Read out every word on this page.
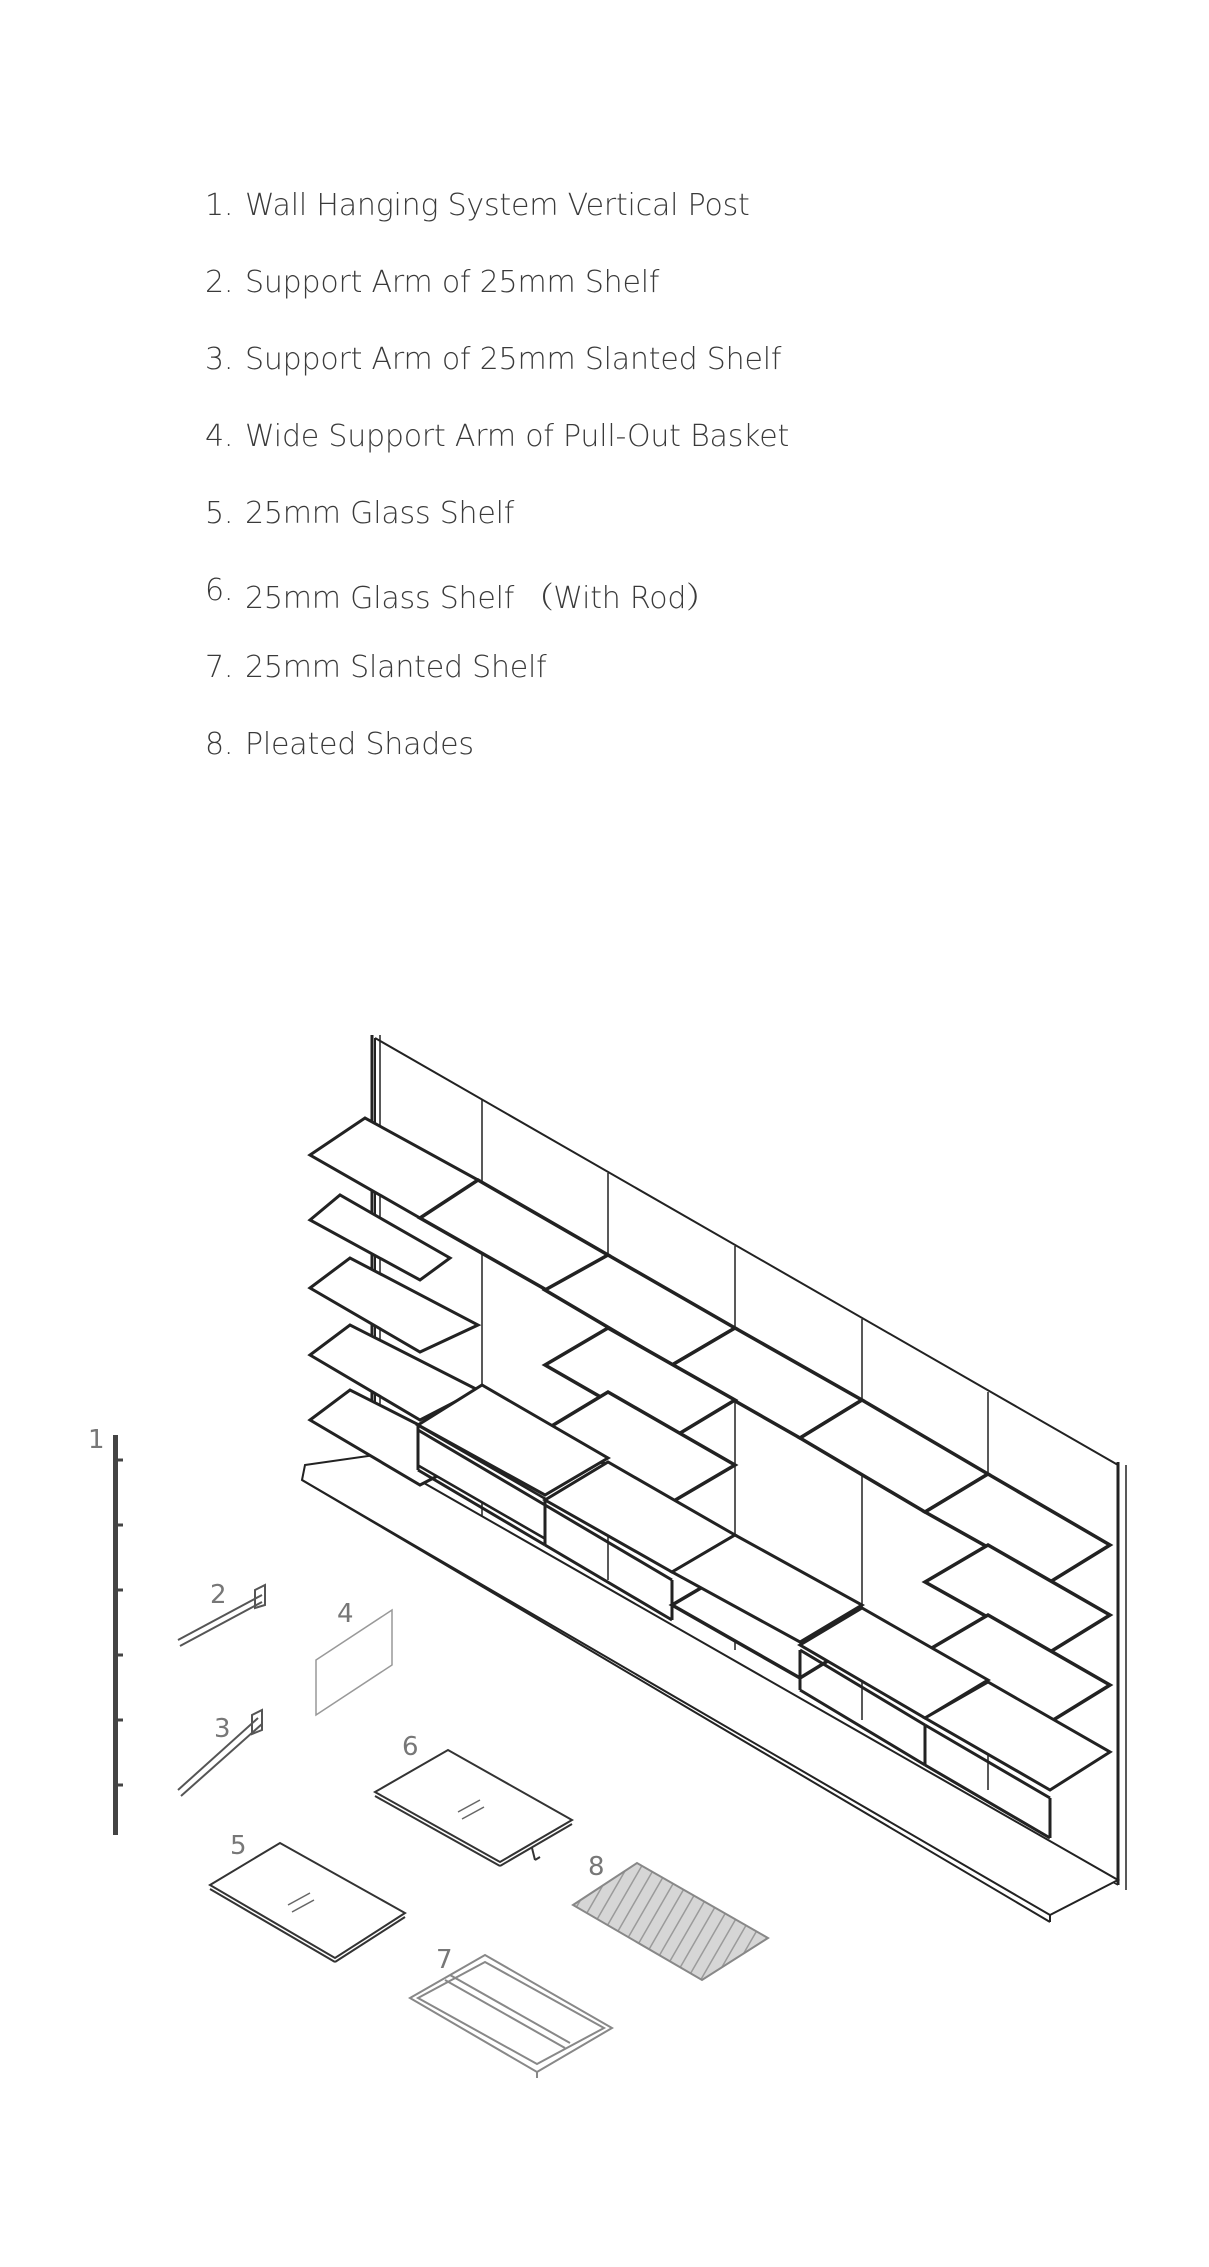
1. Wall Hanging System Vertical Post
2. Support Arm of 25mm Shelf
3. Support Arm of 25mm Slanted Shelf
4. Wide Support Arm of Pull-Out Basket
5. 25mm Glass Shelf
6. 25mm Glass Shelf （With Rod）
7. 25mm Slanted Shelf
8. Pleated Shades
1
2
3
4
5
6
7
8
